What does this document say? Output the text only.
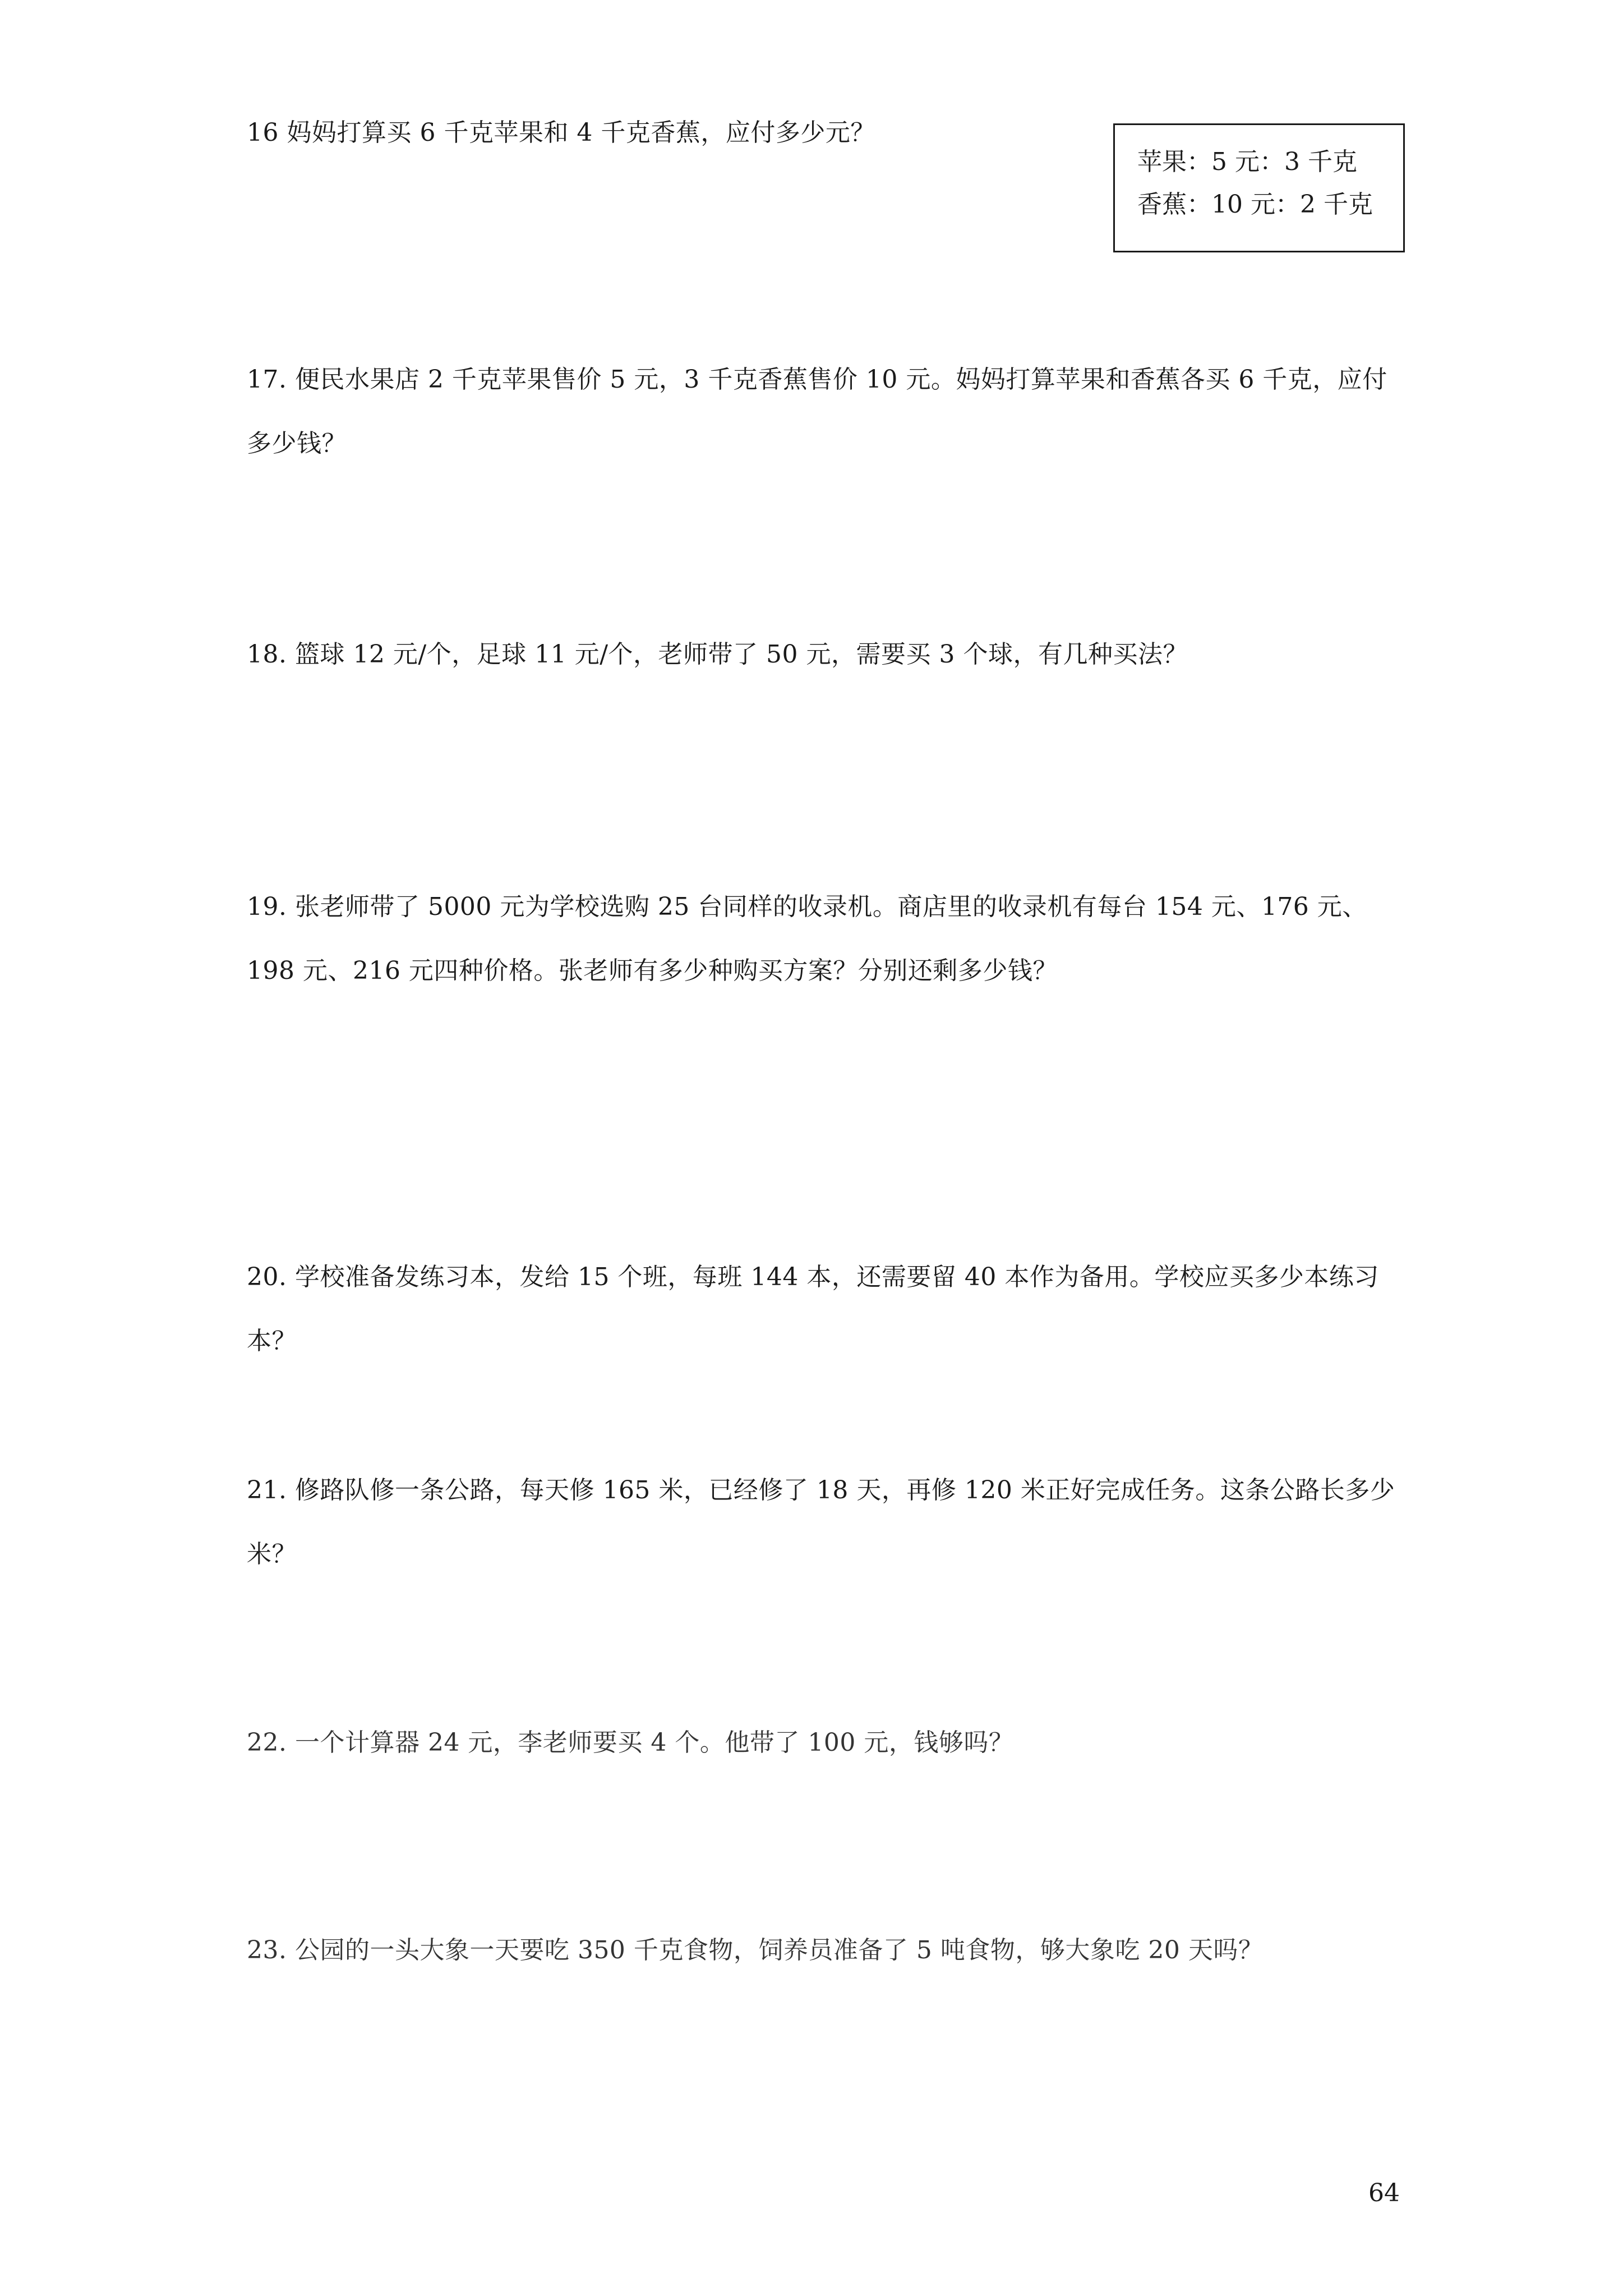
16 妈妈打算买 6 千克苹果和 4 千克香蕉，应付多少元？

苹果：5 元：3 千克
香蕉：10 元：2 千克

17. 便民水果店 2 千克苹果售价 5 元，3 千克香蕉售价 10 元。妈妈打算苹果和香蕉各买 6 千克，应付多少钱？

18. 篮球 12 元/个，足球 11 元/个，老师带了 50 元，需要买 3 个球，有几种买法？

19. 张老师带了 5000 元为学校选购 25 台同样的收录机。商店里的收录机有每台 154 元、176 元、198 元、216 元四种价格。张老师有多少种购买方案？分别还剩多少钱？

20. 学校准备发练习本，发给 15 个班，每班 144 本，还需要留 40 本作为备用。学校应买多少本练习本？

21. 修路队修一条公路，每天修 165 米，已经修了 18 天，再修 120 米正好完成任务。这条公路长多少米？

22. 一个计算器 24 元，李老师要买 4 个。他带了 100 元，钱够吗？

23. 公园的一头大象一天要吃 350 千克食物，饲养员准备了 5 吨食物，够大象吃 20 天吗？

64
